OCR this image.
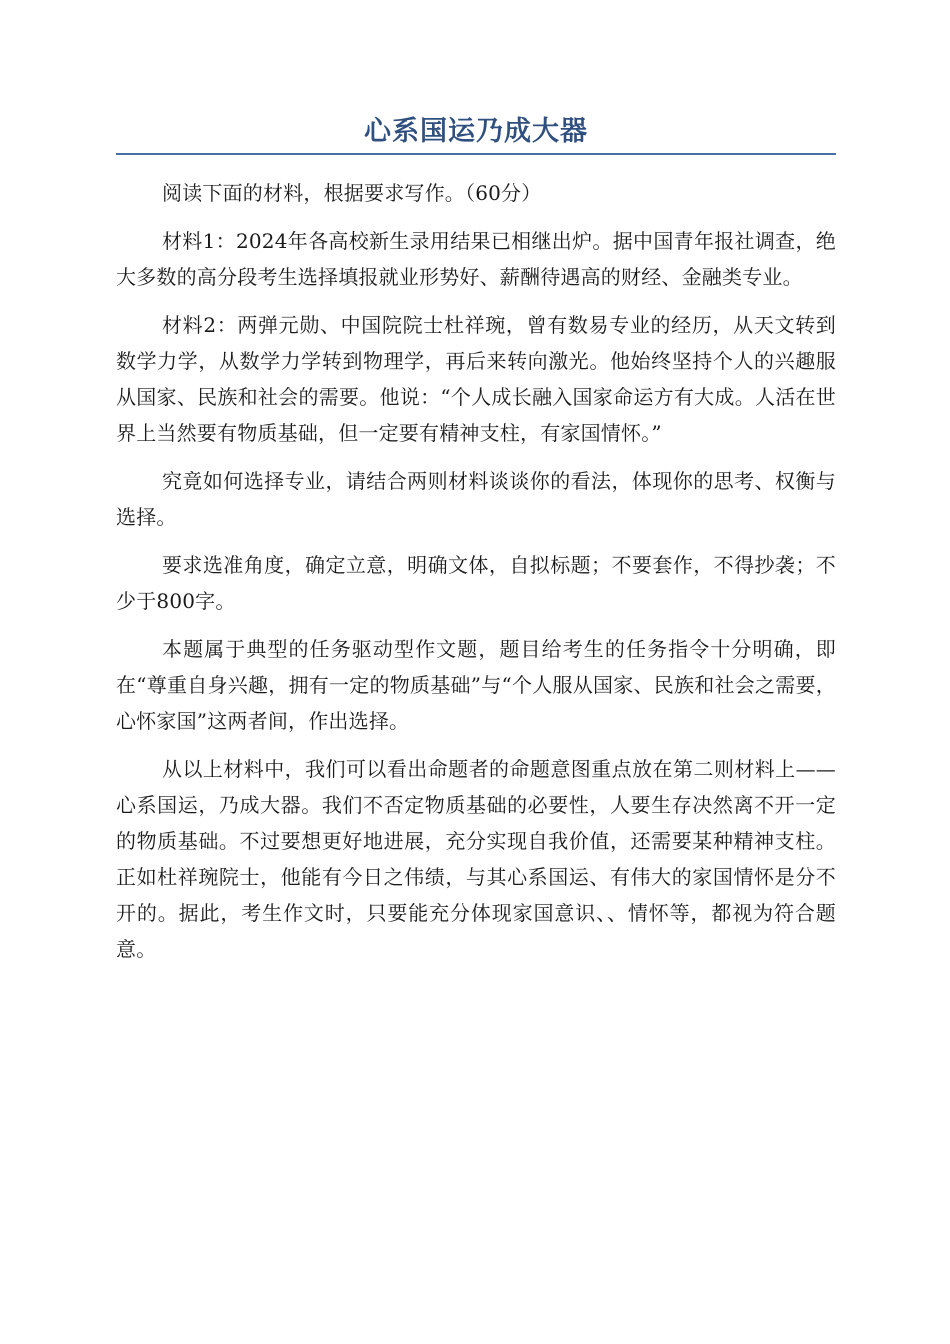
心系国运乃成大器

阅读下面的材料，根据要求写作。（60分）

材料1：2024年各高校新生录用结果已相继出炉。据中国青年报社调查，绝大多数的高分段考生选择填报就业形势好、薪酬待遇高的财经、金融类专业。

材料2：两弹元勋、中国院院士杜祥琬，曾有数易专业的经历，从天文转到数学力学，从数学力学转到物理学，再后来转向激光。他始终坚持个人的兴趣服从国家、民族和社会的需要。他说：“个人成长融入国家命运方有大成。人活在世界上当然要有物质基础，但一定要有精神支柱，有家国情怀。”

究竟如何选择专业，请结合两则材料谈谈你的看法，体现你的思考、权衡与选择。

要求选准角度，确定立意，明确文体，自拟标题；不要套作，不得抄袭；不少于800字。

本题属于典型的任务驱动型作文题，题目给考生的任务指令十分明确，即在“尊重自身兴趣，拥有一定的物质基础”与“个人服从国家、民族和社会之需要，心怀家国”这两者间，作出选择。

从以上材料中，我们可以看出命题者的命题意图重点放在第二则材料上——心系国运，乃成大器。我们不否定物质基础的必要性，人要生存决然离不开一定的物质基础。不过要想更好地进展，充分实现自我价值，还需要某种精神支柱。正如杜祥琬院士，他能有今日之伟绩，与其心系国运、有伟大的家国情怀是分不开的。据此，考生作文时，只要能充分体现家国意识、、情怀等，都视为符合题意。
